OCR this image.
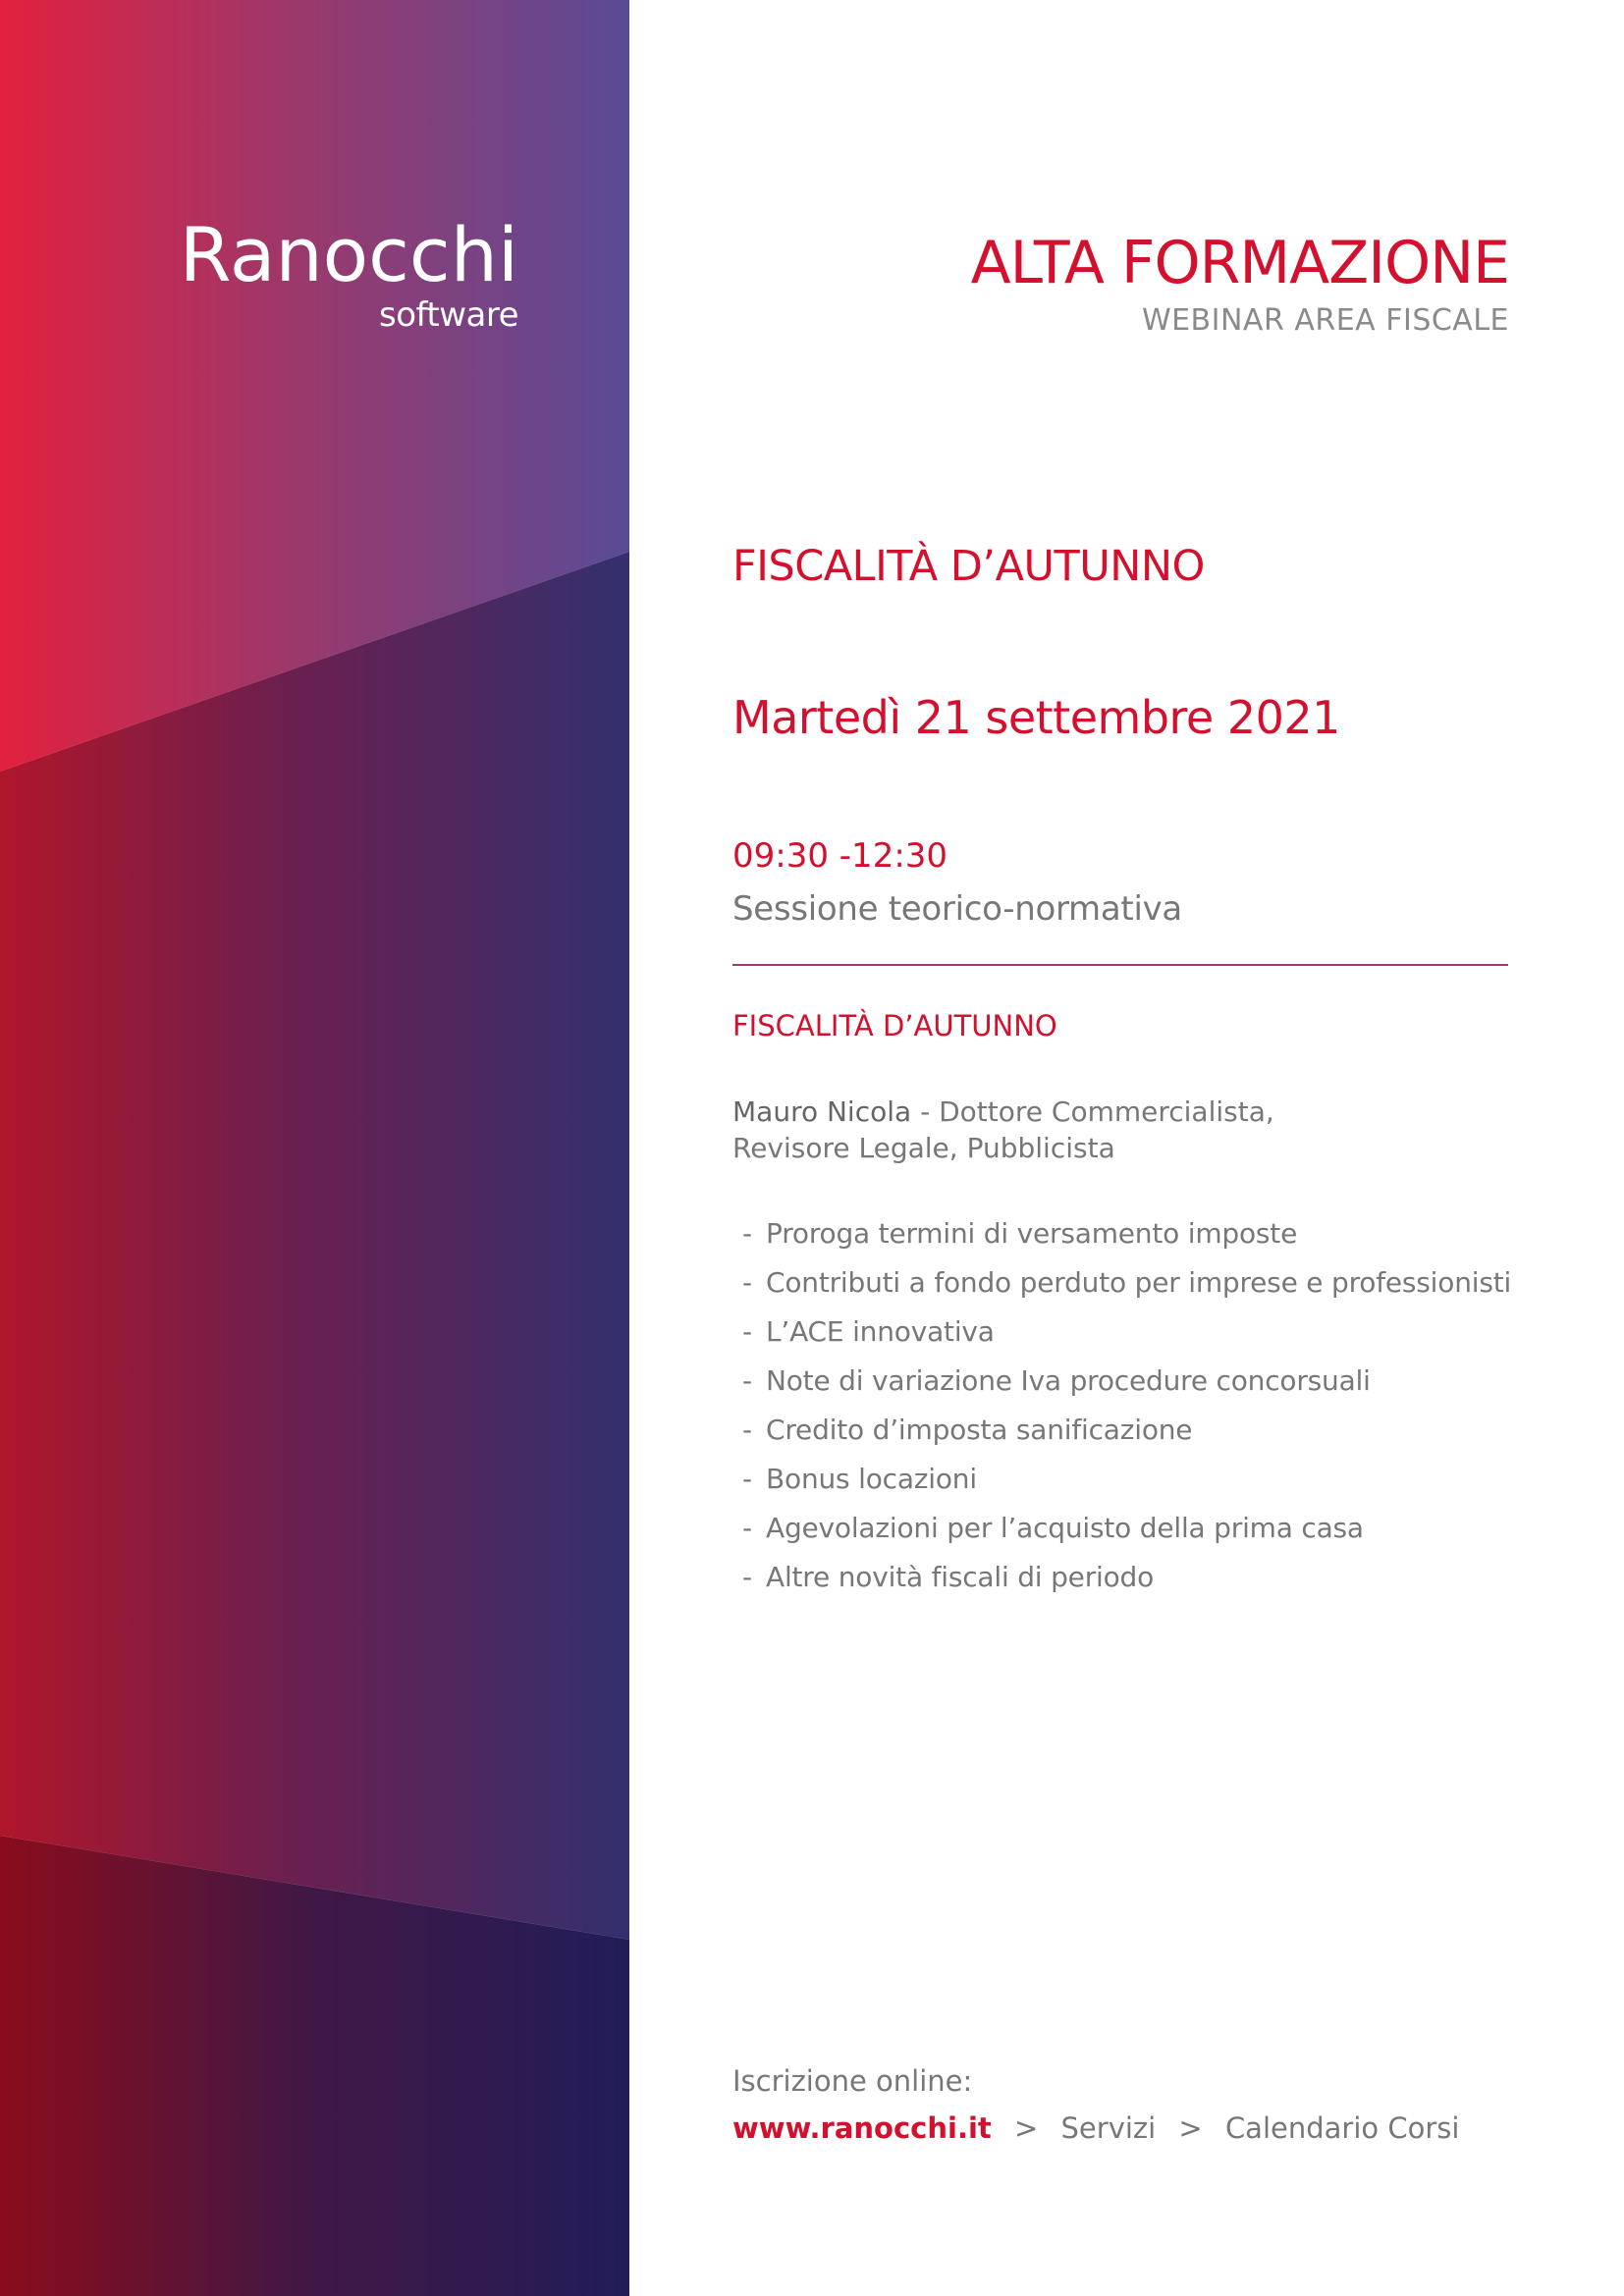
Ranocchi
software
ALTA FORMAZIONE
WEBINAR AREA FISCALE
FISCALITÀ D’AUTUNNO
Martedì 21 settembre 2021
09:30 -12:30
Sessione teorico-normativa
FISCALITÀ D’AUTUNNO
Mauro Nicola - Dottore Commercialista,
Revisore Legale, Pubblicista
- Proroga termini di versamento imposte
- Contributi a fondo perduto per imprese e professionisti
- L’ACE innovativa
- Note di variazione Iva procedure concorsuali
- Credito d’imposta sanificazione
- Bonus locazioni
- Agevolazioni per l’acquisto della prima casa
- Altre novità fiscali di periodo
Iscrizione online:
www.ranocchi.it > Servizi > Calendario Corsi
